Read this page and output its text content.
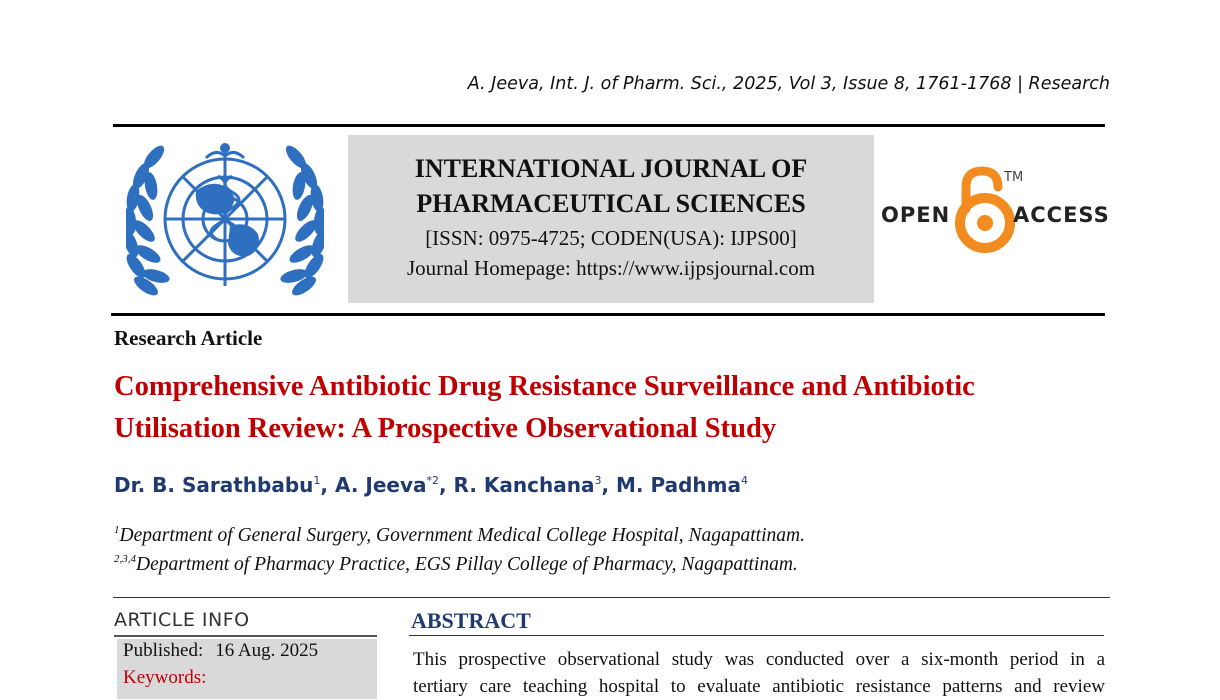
A. Jeeva, Int. J. of Pharm. Sci., 2025, Vol 3, Issue 8, 1761-1768 | Research
INTERNATIONAL JOURNAL OF
PHARMACEUTICAL SCIENCES
[ISSN: 0975-4725; CODEN(USA): IJPS00]
Journal Homepage: https://www.ijpsjournal.com
OPEN
TM
ACCESS
Research Article
Comprehensive Antibiotic Drug Resistance Surveillance and Antibiotic
Utilisation Review: A Prospective Observational Study
Dr. B. Sarathbabu$^1$, A. Jeeva$^{*2}$, R. Kanchana$^3$, M. Padhma$^4$
$^1$Department of General Surgery, Government Medical College Hospital, Nagapattinam.
$^{2,3,4}$Department of Pharmacy Practice, EGS Pillay College of Pharmacy, Nagapattinam.
ARTICLE INFO
Published: 16 Aug. 2025
Keywords:
ABSTRACT
This prospective observational study was conducted over a six-month period in a
tertiary care teaching hospital to evaluate antibiotic resistance patterns and review
